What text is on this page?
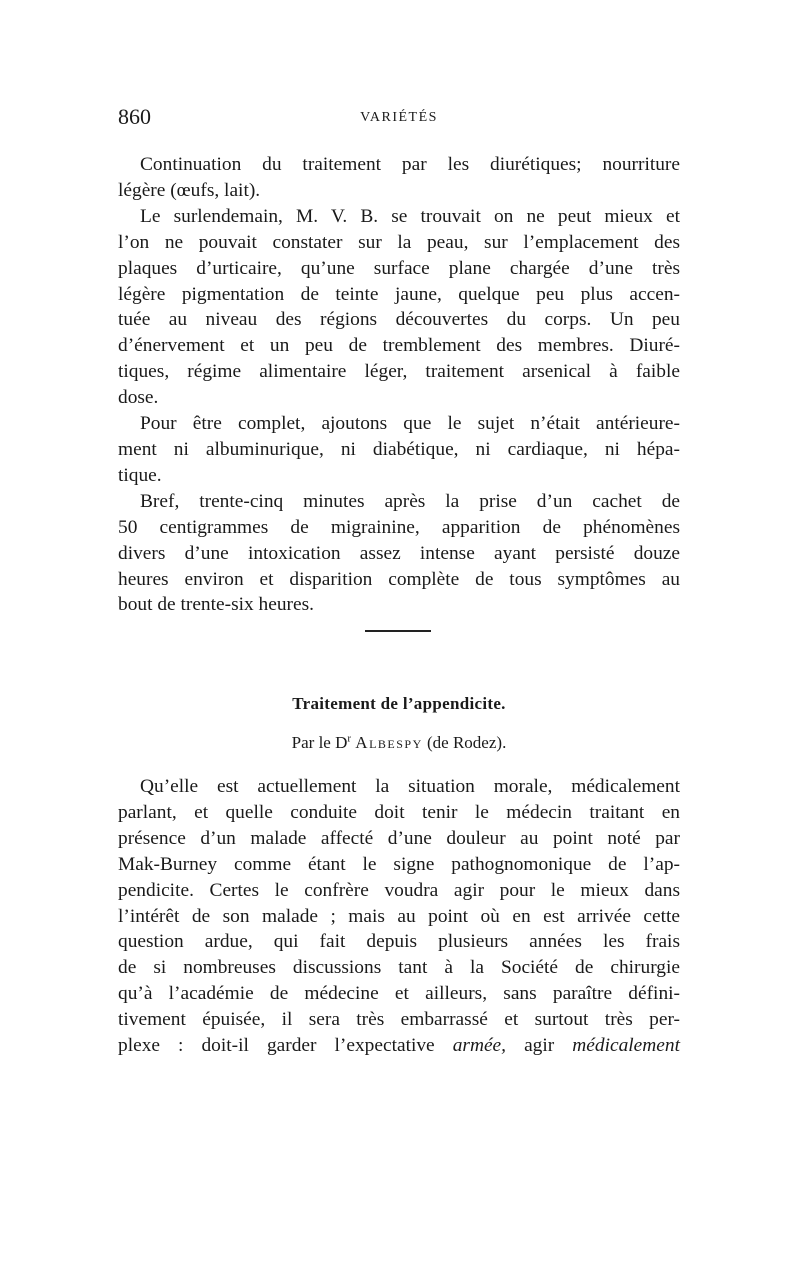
860	VARIÉTÉS
Continuation du traitement par les diurétiques; nourriture
légère (œufs, lait).
Le surlendemain, M. V. B. se trouvait on ne peut mieux et
l’on ne pouvait constater sur la peau, sur l’emplacement des
plaques d’urticaire, qu’une surface plane chargée d’une très
légère pigmentation de teinte jaune, quelque peu plus accen-
tuée au niveau des régions découvertes du corps. Un peu
d’énervement et un peu de tremblement des membres. Diuré-
tiques, régime alimentaire léger, traitement arsenical à faible
dose.
Pour être complet, ajoutons que le sujet n’était antérieure-
ment ni albuminurique, ni diabétique, ni cardiaque, ni hépa-
tique.
Bref, trente-cinq minutes après la prise d’un cachet de
50 centigrammes de migrainine, apparition de phénomènes
divers d’une intoxication assez intense ayant persisté douze
heures environ et disparition complète de tous symptômes au
bout de trente-six heures.
Traitement de l’appendicite.
Par le $D^r$ Albespy (de Rodez).
Qu’elle est actuellement la situation morale, médicalement
parlant, et quelle conduite doit tenir le médecin traitant en
présence d’un malade affecté d’une douleur au point noté par
Mak-Burney comme étant le signe pathognomonique de l’ap-
pendicite. Certes le confrère voudra agir pour le mieux dans
l’intérêt de son malade ; mais au point où en est arrivée cette
question ardue, qui fait depuis plusieurs années les frais
de si nombreuses discussions tant à la Société de chirurgie
qu’à l’académie de médecine et ailleurs, sans paraître défini-
tivement épuisée, il sera très embarrassé et surtout très per-
plexe : doit-il garder l’expectative armée, agir médicalement
